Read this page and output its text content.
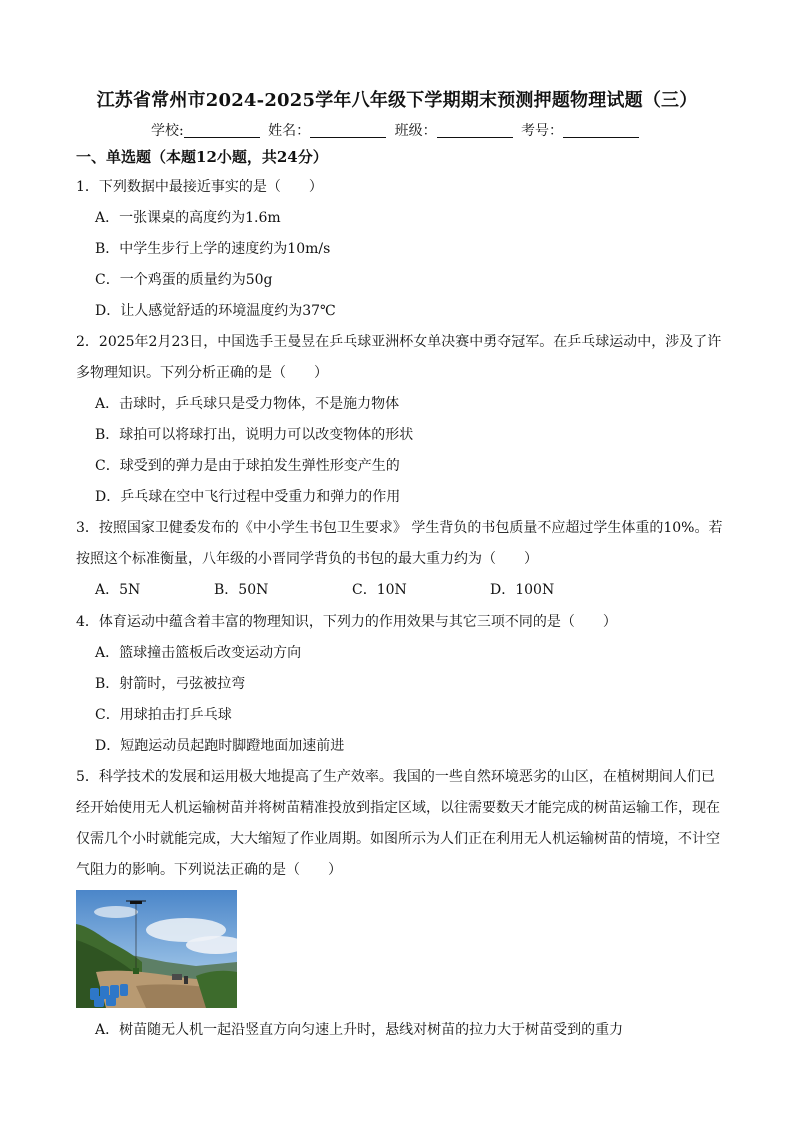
江苏省常州市2024-2025学年八年级下学期期末预测押题物理试题（三）
学校:	姓名：	班级：	考号：
一、单选题（本题12小题，共24分）
1．下列数据中最接近事实的是（　　）
A．一张课桌的高度约为1.6m
B．中学生步行上学的速度约为10m/s
C．一个鸡蛋的质量约为50g
D．让人感觉舒适的环境温度约为37℃
2．2025年2月23日，中国选手王曼昱在乒乓球亚洲杯女单决赛中勇夺冠军。在乒乓球运动中，涉及了许
多物理知识。下列分析正确的是（　　）
A．击球时，乒乓球只是受力物体，不是施力物体
B．球拍可以将球打出，说明力可以改变物体的形状
C．球受到的弹力是由于球拍发生弹性形变产生的
D．乒乓球在空中飞行过程中受重力和弹力的作用
3．按照国家卫健委发布的《中小学生书包卫生要求》 学生背负的书包质量不应超过学生体重的10%。若
按照这个标准衡量，八年级的小晋同学背负的书包的最大重力约为（　　）
A．5N	B．50N	C．10N	D．100N
4．体育运动中蕴含着丰富的物理知识，下列力的作用效果与其它三项不同的是（　　）
A．篮球撞击篮板后改变运动方向
B．射箭时，弓弦被拉弯
C．用球拍击打乒乓球
D．短跑运动员起跑时脚蹬地面加速前进
5．科学技术的发展和运用极大地提高了生产效率。我国的一些自然环境恶劣的山区，在植树期间人们已
经开始使用无人机运输树苗并将树苗精准投放到指定区域，以往需要数天才能完成的树苗运输工作，现在
仅需几个小时就能完成，大大缩短了作业周期。如图所示为人们正在利用无人机运输树苗的情境，不计空
气阻力的影响。下列说法正确的是（　　）
A．树苗随无人机一起沿竖直方向匀速上升时，悬线对树苗的拉力大于树苗受到的重力
